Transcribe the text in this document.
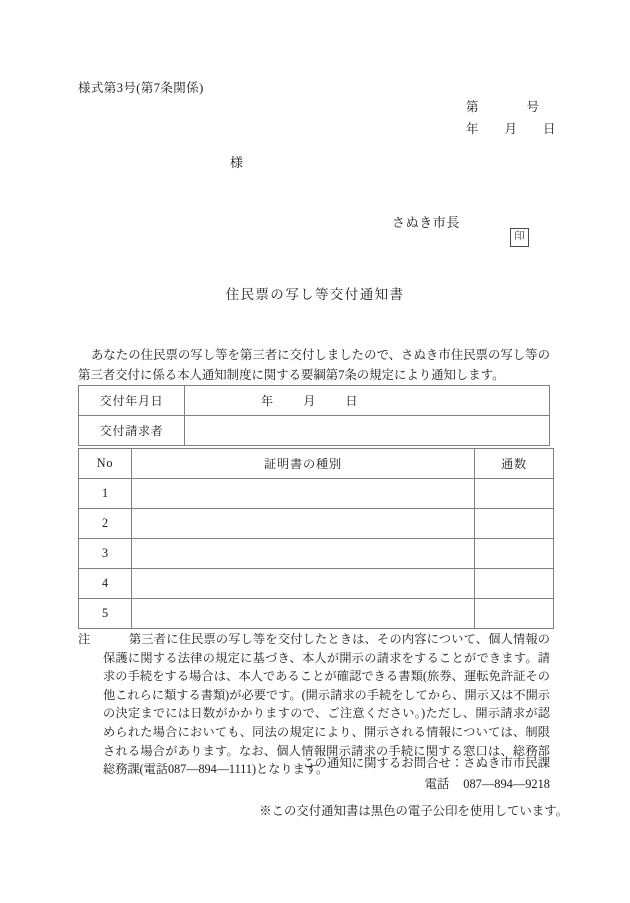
様式第3号(第7条関係)
第	号
年 月 日
様
さぬき市長
印
住民票の写し等交付通知書
あなたの住民票の写し等を第三者に交付しましたので、さぬき市住民票の写し等の第三者交付に係る本人通知制度に関する要綱第7条の規定により通知します。
交付年月日	年 月 日
交付請求者	
No	証明書の種別	通数
1		
2		
3		
4		
5		
注	第三者に住民票の写し等を交付したときは、その内容について、個人情報の保護に関する法律の規定に基づき、本人が開示の請求をすることができます。請求の手続をする場合は、本人であることが確認できる書類(旅券、運転免許証その他これらに類する書類)が必要です。(開示請求の手続をしてから、開示又は不開示の決定までには日数がかかりますので、ご注意ください。)ただし、開示請求が認められた場合においても、同法の規定により、開示される情報については、制限される場合があります。なお、個人情報開示請求の手続に関する窓口は、総務部総務課(電話087―894―1111)となります。
この通知に関するお問合せ：さぬき市市民課
電話 087―894―9218
※この交付通知書は黒色の電子公印を使用しています。
